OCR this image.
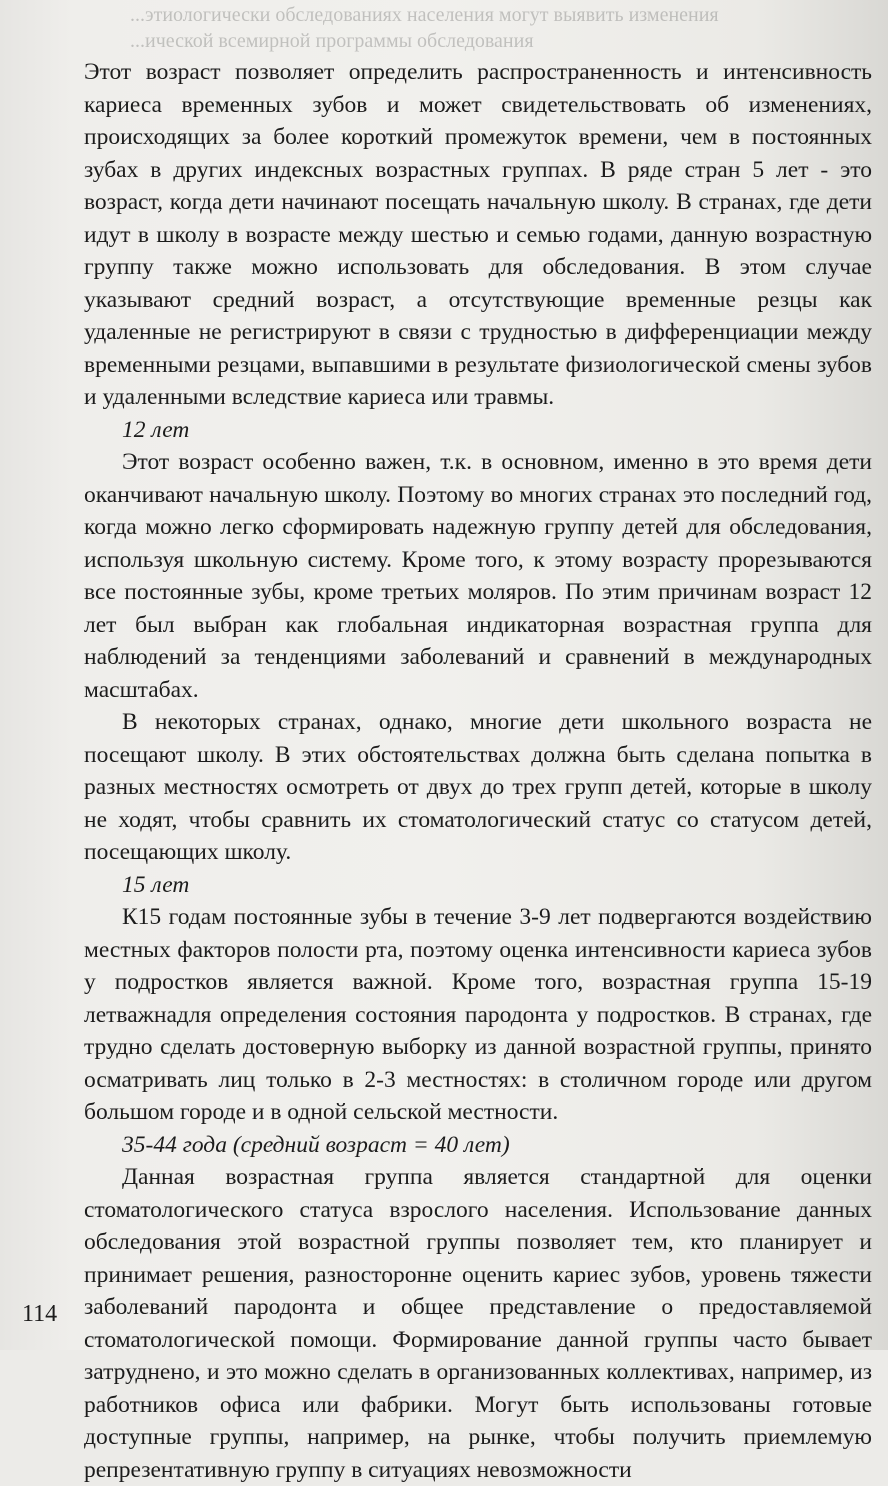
...этиологически обследованиях населения могут выявить изменения
...ической всемирной программы обследования

Этот возраст позволяет определить распространенность и интенсивность кариеса временных зубов и может свидетельствовать об изменениях, происходящих за более короткий промежуток времени, чем в постоянных зубах в других индексных возрастных группах. В ряде стран 5 лет - это возраст, когда дети начинают посещать начальную школу. В странах, где дети идут в школу в возрасте между шестью и семью годами, данную возрастную группу также можно использовать для обследования. В этом случае указывают средний возраст, а отсутствующие временные резцы как удаленные не регистрируют в связи с трудностью в дифференциации между временными резцами, выпавшими в результате физиологической смены зубов и удаленными вследствие кариеса или травмы.

12 лет

Этот возраст особенно важен, т.к. в основном, именно в это время дети оканчивают начальную школу. Поэтому во многих странах это последний год, когда можно легко сформировать надежную группу детей для обследования, используя школьную систему. Кроме того, к этому возрасту прорезываются все постоянные зубы, кроме третьих моляров. По этим причинам возраст 12 лет был выбран как глобальная индикаторная возрастная группа для наблюдений за тенденциями заболеваний и сравнений в международных масштабах.

В некоторых странах, однако, многие дети школьного возраста не посещают школу. В этих обстоятельствах должна быть сделана попытка в разных местностях осмотреть от двух до трех групп детей, которые в школу не ходят, чтобы сравнить их стоматологический статус со статусом детей, посещающих школу.

15 лет

К15 годам постоянные зубы в течение 3-9 лет подвергаются воздействию местных факторов полости рта, поэтому оценка интенсивности кариеса зубов у подростков является важной. Кроме того, возрастная группа 15-19 летважнадля определения состояния пародонта у подростков. В странах, где трудно сделать достоверную выборку из данной возрастной группы, принято осматривать лиц только в 2-3 местностях: в столичном городе или другом большом городе и в одной сельской местности.

35-44 года (средний возраст = 40 лет)

Данная возрастная группа является стандартной для оценки стоматологического статуса взрослого населения. Использование данных обследования этой возрастной группы позволяет тем, кто планирует и принимает решения, разносторонне оценить кариес зубов, уровень тяжести заболеваний пародонта и общее представление о предоставляемой стоматологической помощи. Формирование данной группы часто бывает затруднено, и это можно сделать в организованных коллективах, например, из работников офиса или фабрики. Могут быть использованы готовые доступные группы, например, на рынке, чтобы получить приемлемую репрезентативную группу в ситуациях невозможности

114
